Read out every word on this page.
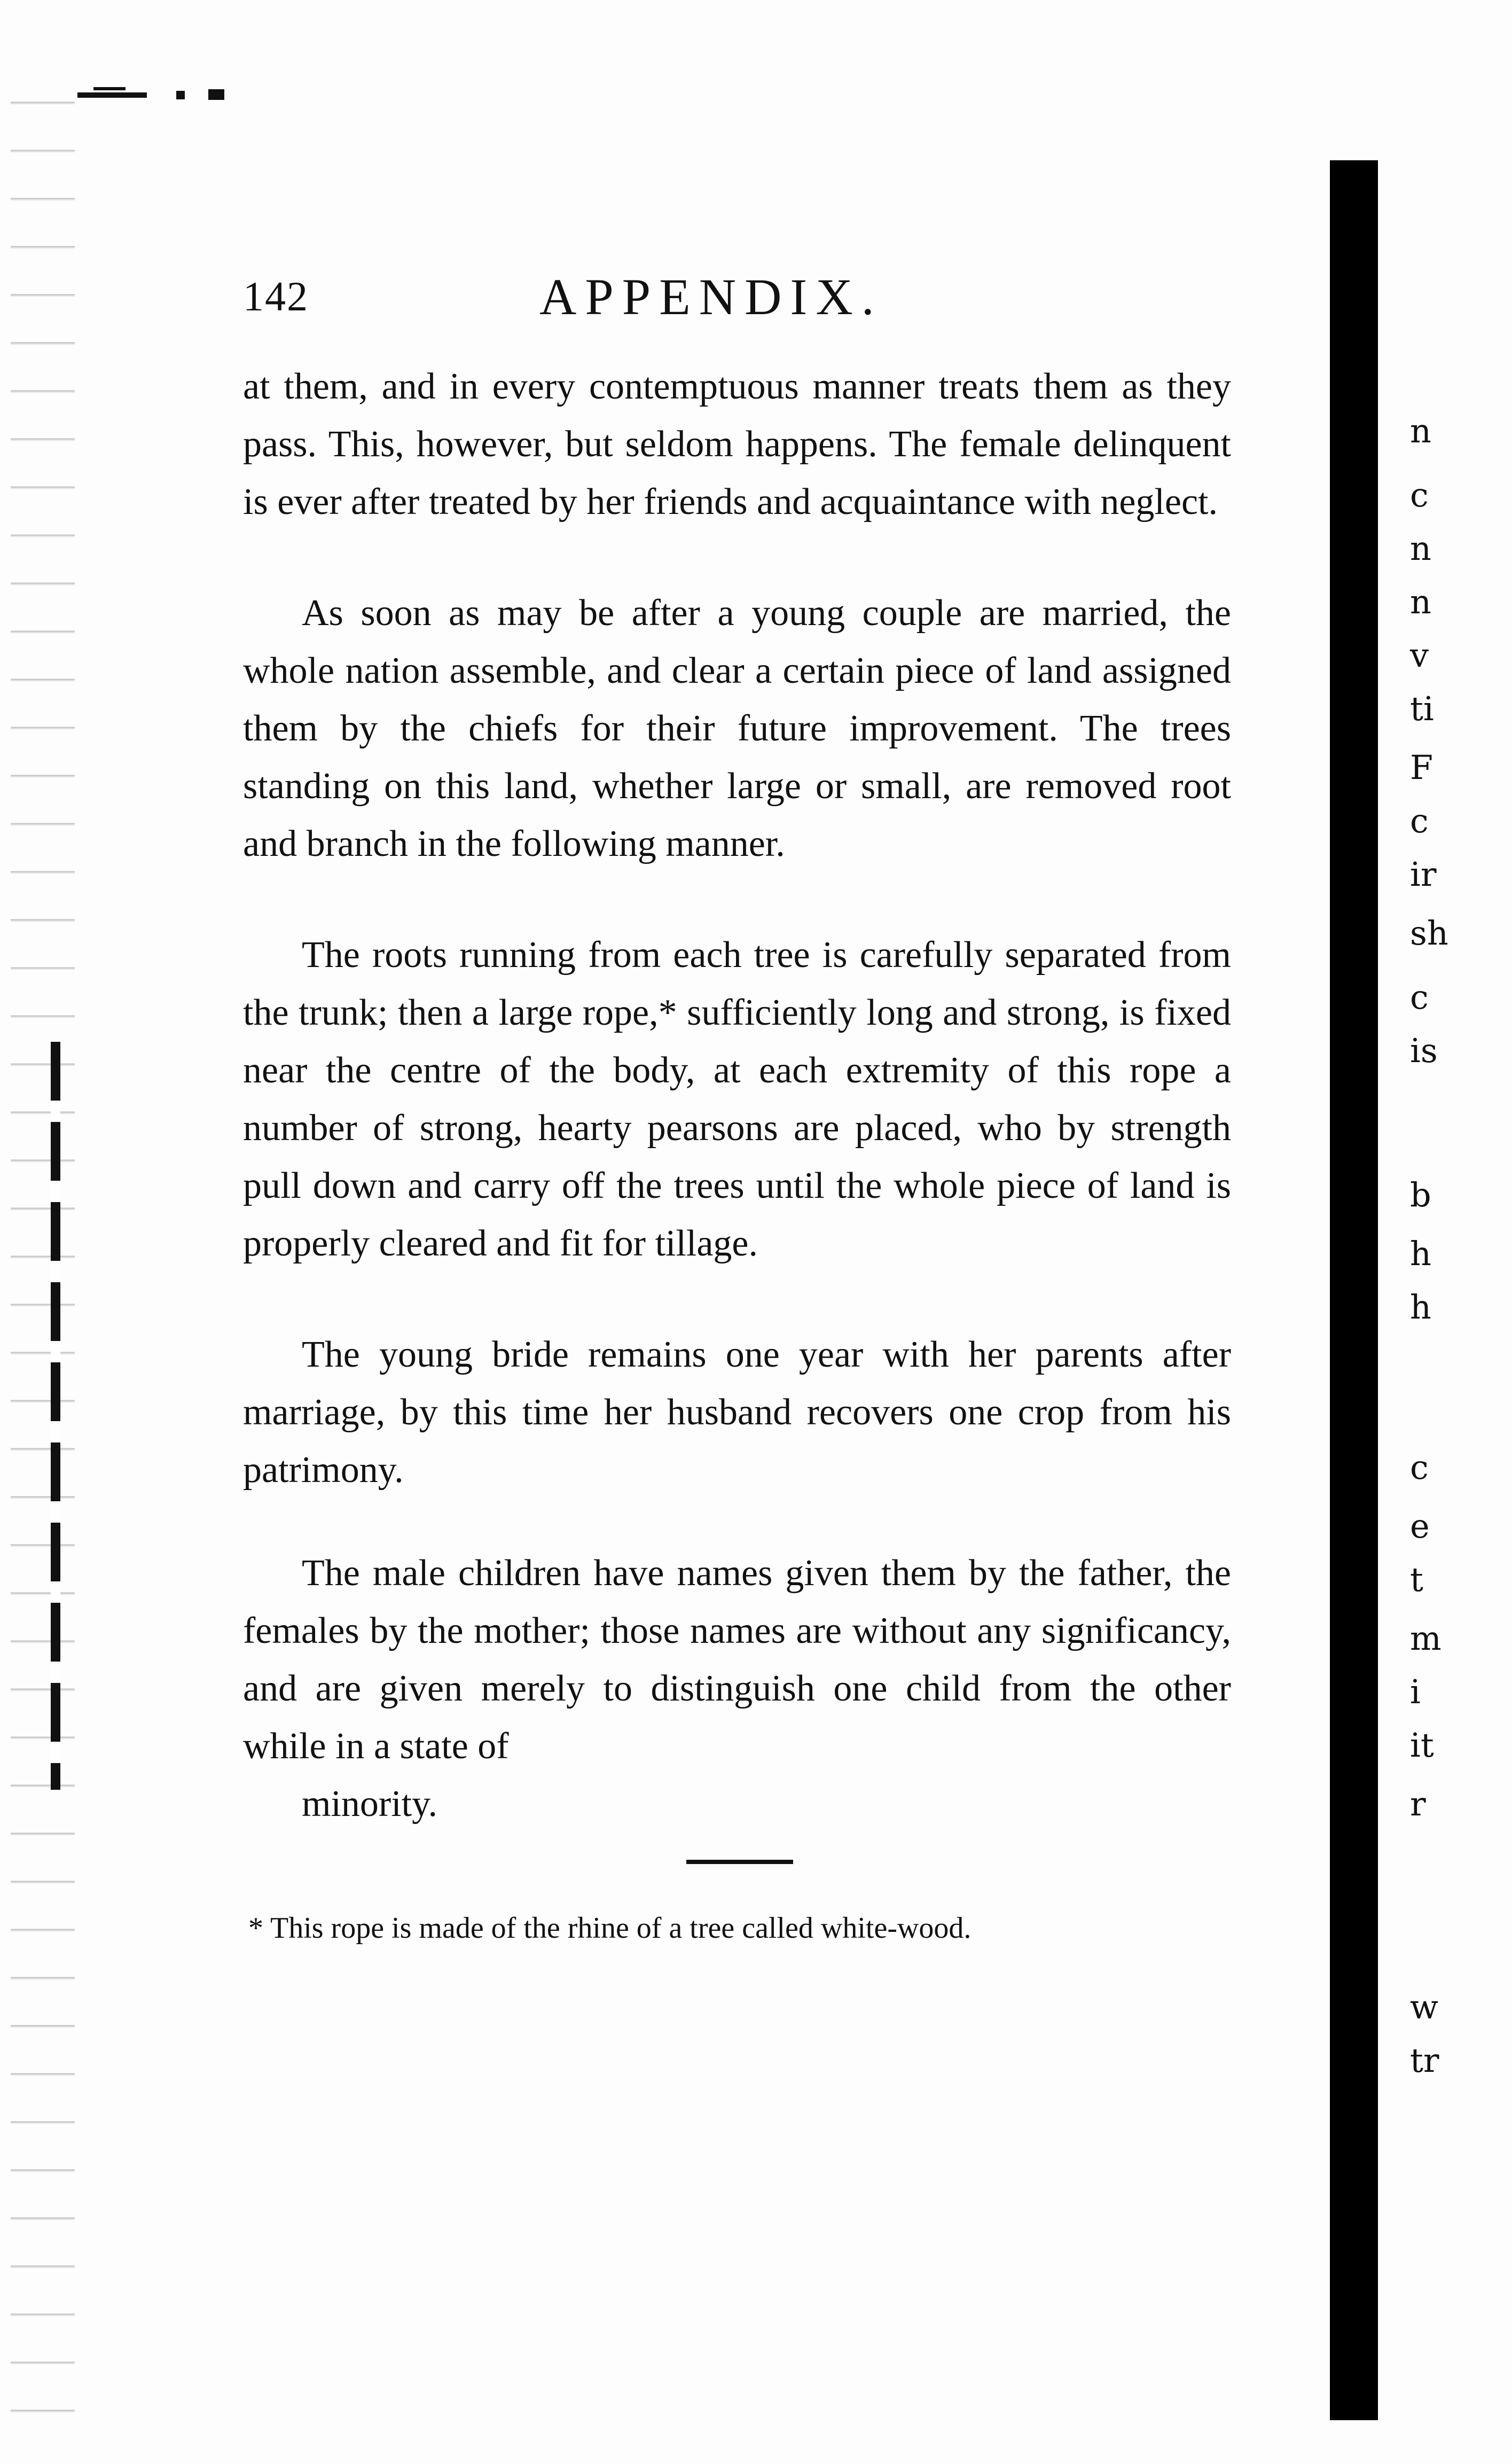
n
c
n
n
v
ti
F
c
ir
sh
c
is
b
h
h
c
e
t
m
i
it
r
w
tr
142	APPENDIX.

at them, and in every contemptuous manner treats them as they pass. This, however, but seldom happens. The female delinquent is ever after treated by her friends and acquaintance with neglect.

As soon as may be after a young couple are married, the whole nation assemble, and clear a certain piece of land assigned them by the chiefs for their future improvement. The trees standing on this land, whether large or small, are removed root and branch in the following manner.

The roots running from each tree is carefully separated from the trunk; then a large rope,* sufficiently long and strong, is fixed near the centre of the body, at each extremity of this rope a number of strong, hearty pearsons are placed, who by strength pull down and carry off the trees until the whole piece of land is properly cleared and fit for tillage.

The young bride remains one year with her parents after marriage, by this time her husband recovers one crop from his patrimony.

The male children have names given them by the father, the females by the mother; those names are without any significancy, and are given merely to distinguish one child from the other while in a state of
minority.

* This rope is made of the rhine of a tree called white-wood.
